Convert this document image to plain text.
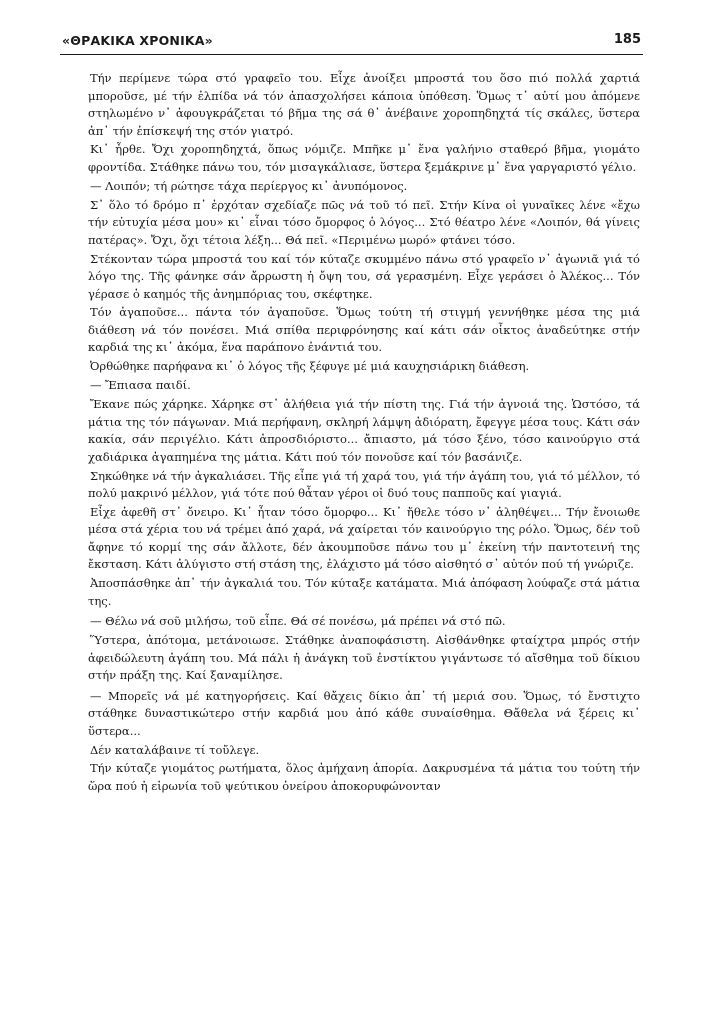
«ΘΡΑΚΙΚΑ ΧΡΟΝΙΚΑ»	185

Τήν περίμενε τώρα στό γραφεῖο του. Εἶχε ἀνοίξει μπροστά του ὅσο πιό πολλά χαρτιά μποροῦσε, μέ τήν ἐλπίδα νά τόν ἀπασχολήσει κάποια ὑπόθεση. Ὅμως τ᾽ αὐτί μου ἀπόμενε στηλωμένο ν᾽ ἀφουγκράζεται τό βῆμα της σά θ᾽ ἀνέβαινε χοροπηδηχτά τίς σκάλες, ὕστερα ἀπ᾽ τήν ἐπίσκεψή της στόν γιατρό.

Κι᾽ ἦρθε. Ὄχι χοροπηδηχτά, ὅπως νόμιζε. Μπῆκε μ᾽ ἕνα γαλήνιο σταθερό βῆμα, γιομάτο φροντίδα. Στάθηκε πάνω του, τόν μισαγκάλιασε, ὕστερα ξεμάκρινε μ᾽ ἕνα γαργαριστό γέλιο.

— Λοιπόν; τή ρώτησε τάχα περίεργος κι᾽ ἀνυπόμονος.

Σ᾽ ὅλο τό δρόμο π᾽ ἐρχόταν σχεδίαζε πῶς νά τοῦ τό πεῖ. Στήν Κίνα οἱ γυναῖκες λένε «ἔχω τήν εὐτυχία μέσα μου» κι᾽ εἶναι τόσο ὄμορφος ὁ λόγος... Στό θέατρο λένε «Λοιπόν, θά γίνεις πατέρας». Ὄχι, ὄχι τέτοια λέξη... Θά πεῖ. «Περιμένω μωρό» φτάνει τόσο.

Στέκονταν τώρα μπροστά του καί τόν κύταζε σκυμμένο πάνω στό γραφεῖο ν᾽ ἀγωνιᾶ γιά τό λόγο της. Τῆς φάνηκε σάν ἄρρωστη ἡ ὄψη του, σά γερασμένη. Εἶχε γεράσει ὁ Ἀλέκος... Τόν γέρασε ὁ καημός τῆς ἀνημπόριας του, σκέφτηκε.

Τόν ἀγαποῦσε... πάντα τόν ἀγαποῦσε. Ὅμως τούτη τή στιγμή γεννήθηκε μέσα της μιά διάθεση νά τόν πονέσει. Μιά σπίθα περιφρόνησης καί κάτι σάν οἶκτος ἀναδεύτηκε στήν καρδιά της κι᾽ ἀκόμα, ἕνα παράπονο ἐνάντιά του.

Ὀρθώθηκε παρήφανα κι᾽ ὁ λόγος τῆς ξέφυγε μέ μιά καυχησιάρικη διάθεση.

— Ἔπιασα παιδί.

Ἔκανε πώς χάρηκε. Χάρηκε στ᾽ ἀλήθεια γιά τήν πίστη της. Γιά τήν ἀγνοιά της. Ὡστόσο, τά μάτια της τόν πάγωναν. Μιά περήφανη, σκληρή λάμψη ἀδιόρατη, ἔφεγγε μέσα τους. Κάτι σάν κακία, σάν περιγέλιο. Κάτι ἀπροσδιόριστο... ἄπιαστο, μά τόσο ξένο, τόσο καινούργιο στά χαδιάρικα ἀγαπημένα της μάτια. Κάτι πού τόν πονοῦσε καί τόν βασάνιζε.

Σηκώθηκε νά τήν ἀγκαλιάσει. Τῆς εἶπε γιά τή χαρά του, γιά τήν ἀγάπη του, γιά τό μέλλον, τό πολύ μακρινό μέλλον, γιά τότε πού θἆταν γέροι οἱ δυό τους παπποῦς καί γιαγιά.

Εἶχε ἀφεθῆ στ᾽ ὄνειρο. Κι᾽ ἦταν τόσο ὄμορφο... Κι᾽ ἤθελε τόσο ν᾽ ἀληθέψει... Τήν ἔνοιωθε μέσα στά χέρια του νά τρέμει ἀπό χαρά, νά χαίρεται τόν καινούργιο της ρόλο. Ὅμως, δέν τοῦ ἄφηνε τό κορμί της σάν ἄλλοτε, δέν ἀκουμποῦσε πάνω του μ᾽ ἐκείνη τήν παντοτεινή της ἔκσταση. Κάτι ἀλύγιστο στή στάση της, ἐλάχιστο μά τόσο αἰσθητό σ᾽ αὐτόν πού τή γνώριζε.

Ἀποσπάσθηκε ἀπ᾽ τήν ἀγκαλιά του. Τόν κύταξε κατάματα. Μιά ἀπόφαση λούφαζε στά μάτια της.

— Θέλω νά σοῦ μιλήσω, τοῦ εἶπε. Θά σέ πονέσω, μά πρέπει νά στό πῶ.

Ὕστερα, ἀπότομα, μετάνοιωσε. Στάθηκε ἀναποφάσιστη. Αἰσθάνθηκε φταίχτρα μπρός στήν ἀφειδώλευτη ἀγάπη του. Μά πάλι ἡ ἀνάγκη τοῦ ἐνστίκτου γιγάντωσε τό αἴσθημα τοῦ δίκιου στήν πράξη της. Καί ξαναμίλησε.

— Μπορεῖς νά μέ κατηγορήσεις. Καί θἄχεις δίκιο ἀπ᾽ τή μεριά σου. Ὅμως, τό ἔνστιχτο στάθηκε δυναστικώτερο στήν καρδιά μου ἀπό κάθε συναίσθημα. Θἄθελα νά ξέρεις κι᾽ ὕστερα...

Δέν καταλάβαινε τί τοὔλεγε.

Τήν κύταζε γιομάτος ρωτήματα, ὅλος ἀμήχανη ἀπορία. Δακρυσμένα τά μάτια του τούτη τήν ὥρα πού ἡ εἰρωνία τοῦ ψεύτικου ὀνείρου ἀποκορυφώνονταν
